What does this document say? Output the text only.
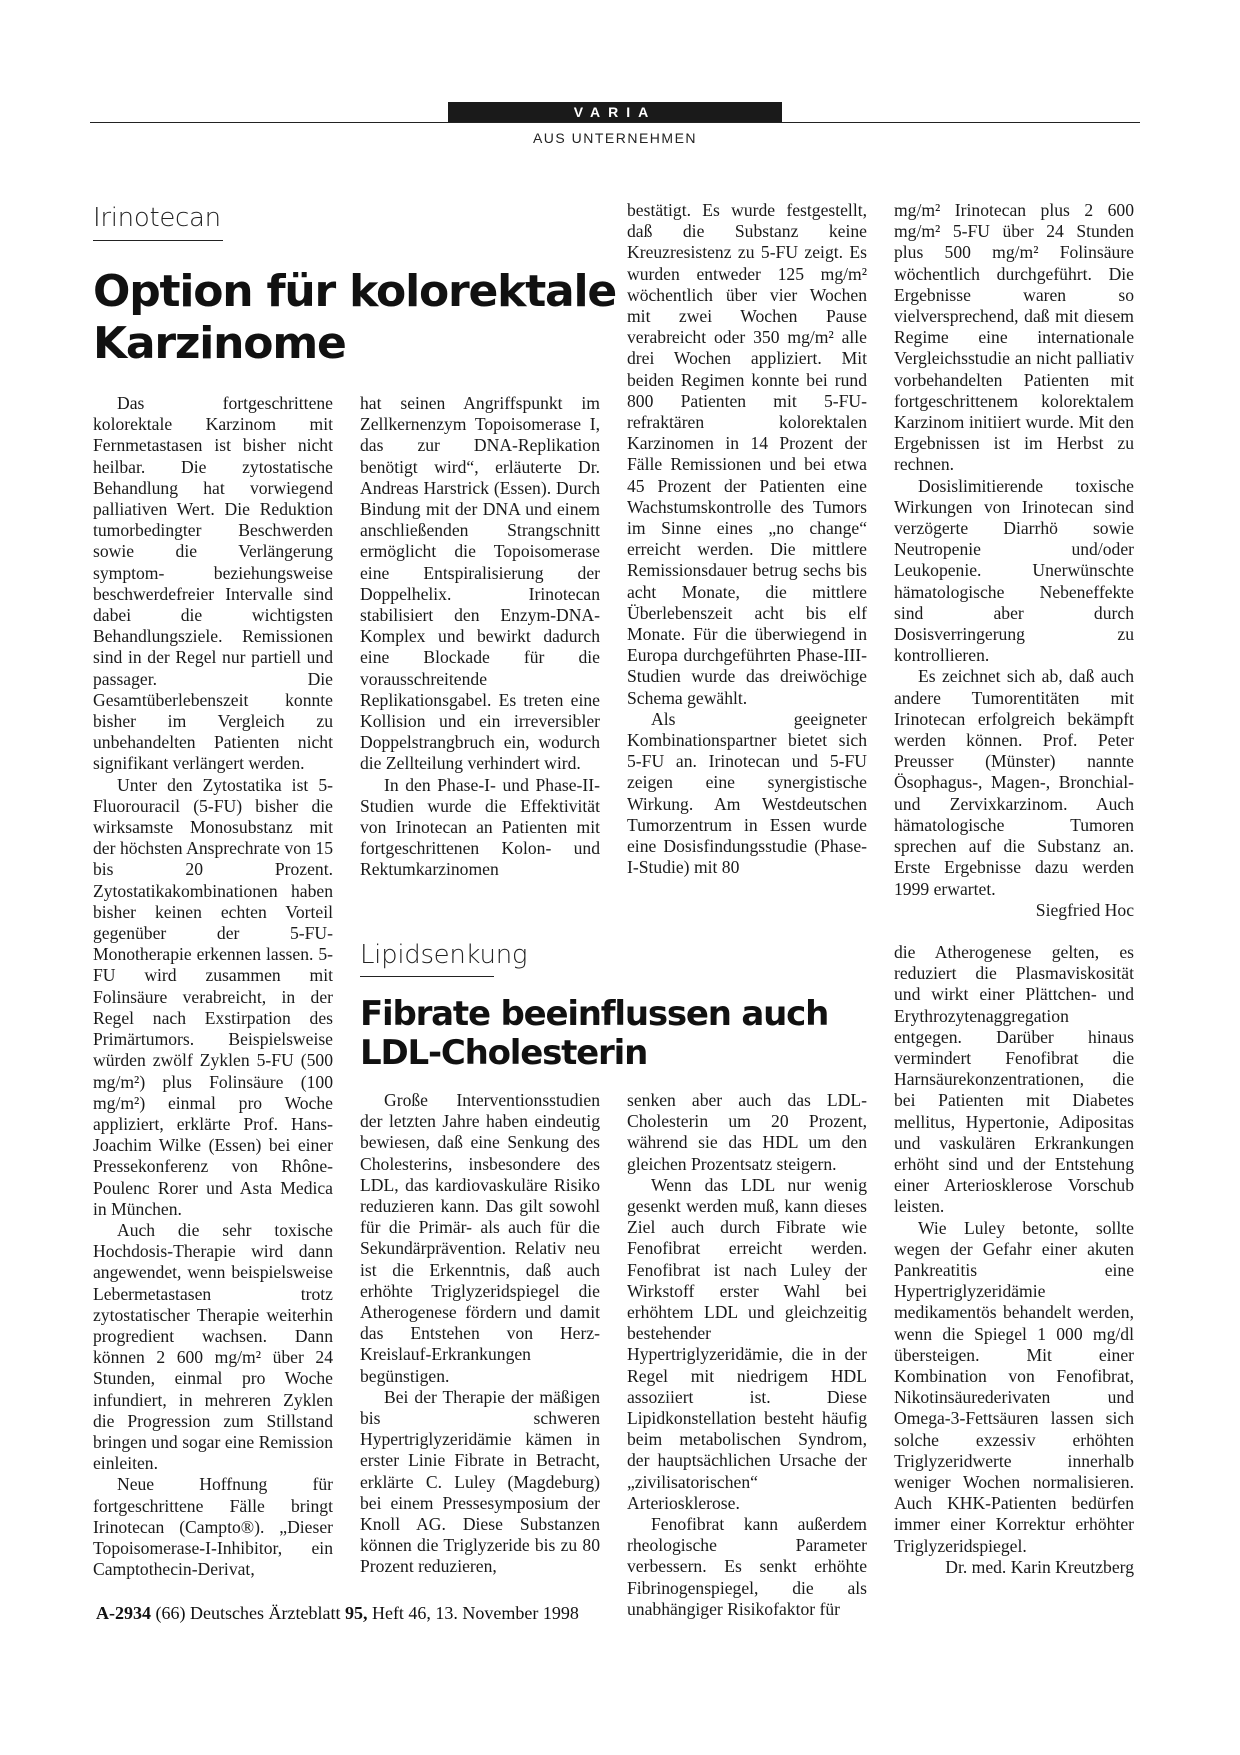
VARIA
AUS UNTERNEHMEN
Irinotecan
Option für kolorektale
Karzinome

Das fortgeschrittene kolorektale Karzinom mit Fernmetastasen ist bisher nicht heilbar. Die zytostatische Behandlung hat vorwiegend palliativen Wert. Die Reduktion tumorbedingter Beschwerden sowie die Verlängerung symptom- beziehungsweise beschwerdefreier Intervalle sind dabei die wichtigsten Behandlungsziele. Remissionen sind in der Regel nur partiell und passager. Die Gesamtüberlebenszeit konnte bisher im Vergleich zu unbehandelten Patienten nicht signifikant verlängert werden.

Unter den Zytostatika ist 5-Fluorouracil (5-FU) bisher die wirksamste Monosubstanz mit der höchsten Ansprechrate von 15 bis 20 Prozent. Zytostatikakombinationen haben bisher keinen echten Vorteil gegenüber der 5-FU-Monotherapie erkennen lassen. 5-FU wird zusammen mit Folinsäure verabreicht, in der Regel nach Exstirpation des Primärtumors. Beispielsweise würden zwölf Zyklen 5-FU (500 mg/m²) plus Folinsäure (100 mg/m²) einmal pro Woche appliziert, erklärte Prof. Hans-Joachim Wilke (Essen) bei einer Pressekonferenz von Rhône-Poulenc Rorer und Asta Medica in München.

Auch die sehr toxische Hochdosis-Therapie wird dann angewendet, wenn beispielsweise Lebermetastasen trotz zytostatischer Therapie weiterhin progredient wachsen. Dann können 2 600 mg/m² über 24 Stunden, einmal pro Woche infundiert, in mehreren Zyklen die Progression zum Stillstand bringen und sogar eine Remission einleiten.

Neue Hoffnung für fortgeschrittene Fälle bringt Irinotecan (Campto®). „Dieser Topoisomerase-I-Inhibitor, ein Camptothecin-Derivat,

hat seinen Angriffspunkt im Zellkernenzym Topoisomerase I, das zur DNA-Replikation benötigt wird“, erläuterte Dr. Andreas Harstrick (Essen). Durch Bindung mit der DNA und einem anschließenden Strangschnitt ermöglicht die Topoisomerase eine Entspiralisierung der Doppelhelix. Irinotecan stabilisiert den Enzym-DNA-Komplex und bewirkt dadurch eine Blockade für die vorausschreitende Replikationsgabel. Es treten eine Kollision und ein irreversibler Doppelstrangbruch ein, wodurch die Zellteilung verhindert wird.

In den Phase-I- und Phase-II-Studien wurde die Effektivität von Irinotecan an Patienten mit fortgeschrittenen Kolon- und Rektumkarzinomen

bestätigt. Es wurde festgestellt, daß die Substanz keine Kreuzresistenz zu 5-FU zeigt. Es wurden entweder 125 mg/m² wöchentlich über vier Wochen mit zwei Wochen Pause verabreicht oder 350 mg/m² alle drei Wochen appliziert. Mit beiden Regimen konnte bei rund 800 Patienten mit 5-FU-refraktären kolorektalen Karzinomen in 14 Prozent der Fälle Remissionen und bei etwa 45 Prozent der Patienten eine Wachstumskontrolle des Tumors im Sinne eines „no change“ erreicht werden. Die mittlere Remissionsdauer betrug sechs bis acht Monate, die mittlere Überlebenszeit acht bis elf Monate. Für die überwiegend in Europa durchgeführten Phase-III-Studien wurde das dreiwöchige Schema gewählt.

Als geeigneter Kombinationspartner bietet sich 5-FU an. Irinotecan und 5-FU zeigen eine synergistische Wirkung. Am Westdeutschen Tumorzentrum in Essen wurde eine Dosisfindungsstudie (Phase-I-Studie) mit 80

mg/m² Irinotecan plus 2 600 mg/m² 5-FU über 24 Stunden plus 500 mg/m² Folinsäure wöchentlich durchgeführt. Die Ergebnisse waren so vielversprechend, daß mit diesem Regime eine internationale Vergleichsstudie an nicht palliativ vorbehandelten Patienten mit fortgeschrittenem kolorektalem Karzinom initiiert wurde. Mit den Ergebnissen ist im Herbst zu rechnen.

Dosislimitierende toxische Wirkungen von Irinotecan sind verzögerte Diarrhö sowie Neutropenie und/oder Leukopenie. Unerwünschte hämatologische Nebeneffekte sind aber durch Dosisverringerung zu kontrollieren.

Es zeichnet sich ab, daß auch andere Tumorentitäten mit Irinotecan erfolgreich bekämpft werden können. Prof. Peter Preusser (Münster) nannte Ösophagus-, Magen-, Bronchial- und Zervixkarzinom. Auch hämatologische Tumoren sprechen auf die Substanz an. Erste Ergebnisse dazu werden 1999 erwartet.

Siegfried Hoc
Lipidsenkung
Fibrate beeinflussen auch
LDL-Cholesterin

Große Interventionsstudien der letzten Jahre haben eindeutig bewiesen, daß eine Senkung des Cholesterins, insbesondere des LDL, das kardiovaskuläre Risiko reduzieren kann. Das gilt sowohl für die Primär- als auch für die Sekundärprävention. Relativ neu ist die Erkenntnis, daß auch erhöhte Triglyzeridspiegel die Atherogenese fördern und damit das Entstehen von Herz-Kreislauf-Erkrankungen begünstigen.

Bei der Therapie der mäßigen bis schweren Hypertriglyzeridämie kämen in erster Linie Fibrate in Betracht, erklärte C. Luley (Magdeburg) bei einem Pressesymposium der Knoll AG. Diese Substanzen können die Triglyzeride bis zu 80 Prozent reduzieren,

senken aber auch das LDL-Cholesterin um 20 Prozent, während sie das HDL um den gleichen Prozentsatz steigern.

Wenn das LDL nur wenig gesenkt werden muß, kann dieses Ziel auch durch Fibrate wie Fenofibrat erreicht werden. Fenofibrat ist nach Luley der Wirkstoff erster Wahl bei erhöhtem LDL und gleichzeitig bestehender Hypertriglyzeridämie, die in der Regel mit niedrigem HDL assoziiert ist. Diese Lipidkonstellation besteht häufig beim metabolischen Syndrom, der hauptsächlichen Ursache der „zivilisatorischen“ Arteriosklerose.

Fenofibrat kann außerdem rheologische Parameter verbessern. Es senkt erhöhte Fibrinogenspiegel, die als unabhängiger Risikofaktor für

die Atherogenese gelten, es reduziert die Plasmaviskosität und wirkt einer Plättchen- und Erythrozytenaggregation entgegen. Darüber hinaus vermindert Fenofibrat die Harnsäurekonzentrationen, die bei Patienten mit Diabetes mellitus, Hypertonie, Adipositas und vaskulären Erkrankungen erhöht sind und der Entstehung einer Arteriosklerose Vorschub leisten.

Wie Luley betonte, sollte wegen der Gefahr einer akuten Pankreatitis eine Hypertriglyzeridämie medikamentös behandelt werden, wenn die Spiegel 1 000 mg/dl übersteigen. Mit einer Kombination von Fenofibrat, Nikotinsäurederivaten und Omega-3-Fettsäuren lassen sich solche exzessiv erhöhten Triglyzeridwerte innerhalb weniger Wochen normalisieren. Auch KHK-Patienten bedürfen immer einer Korrektur erhöhter Triglyzeridspiegel.

Dr. med. Karin Kreutzberg
A-2934 (66) Deutsches Ärzteblatt 95, Heft 46, 13. November 1998
